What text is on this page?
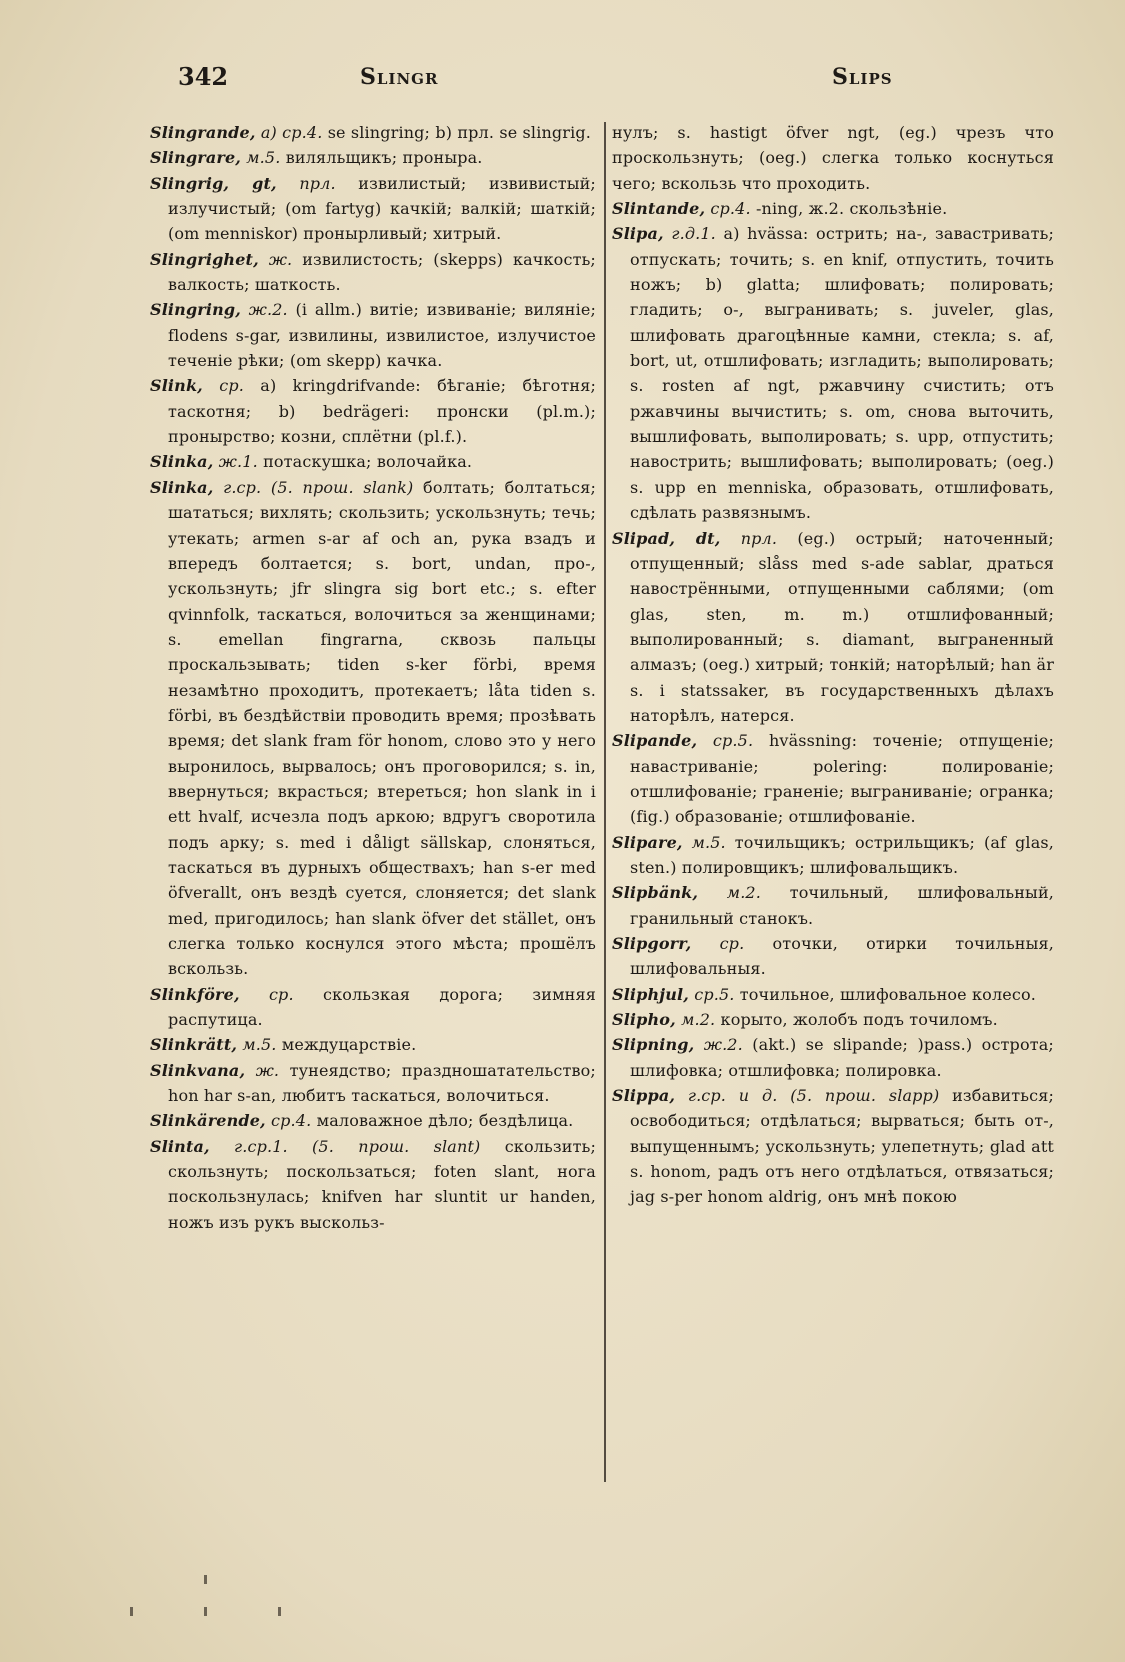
342	Slingr	Slips

Slingrande, a) ср.4. se slingring; b) прл. se slingrig.

Slingrare, м.5. виляльщикъ; проныра.

Slingrig, gt, прл. извилистый; извивистый; излучистый; (om fartyg) качкій; валкій; шаткій; (om menniskor) пронырливый; хитрый.

Slingrighet, ж. извилистость; (skepps) качкость; валкость; шаткость.

Slingring, ж.2. (i allm.) витіе; извиваніе; виляніе; flodens s-gar, извилины, извилистое, излучистое теченіе рѣки; (om skepp) качка.

Slink, ср. a) kringdrifvande: бѣганіе; бѣготня; таскотня; b) bedrägeri: пронски (pl.m.); пронырство; козни, сплётни (pl.f.).

Slinka, ж.1. потаскушка; волочайка.

Slinka, г.ср. (5. прош. slank) болтать; болтаться; шататься; вихлять; скользить; ускользнуть; течь; утекать; armen s-ar af och an, рука взадъ и впередъ болтается; s. bort, undan, про-, ускользнуть; jfr slingra sig bort etc.; s. efter qvinnfolk, таскаться, волочиться за женщинами; s. emellan fingrarna, сквозь пальцы проскальзывать; tiden s-ker förbi, время незамѣтно проходитъ, протекаетъ; låta tiden s. förbi, въ бездѣйствіи проводить время; прозѣвать время; det slank fram för honom, слово это у него выронилось, вырвалось; онъ проговорился; s. in, ввернуться; вкрасться; втереться; hon slank in i ett hvalf, исчезла подъ аркою; вдругъ своротила подъ арку; s. med i dåligt sällskap, слоняться, таскаться въ дурныхъ обществахъ; han s-er med öfverallt, онъ вездѣ суется, слоняется; det slank med, пригодилось; han slank öfver det stället, онъ слегка только коснулся этого мѣста; прошёлъ вскользь.

Slinkföre, ср. скользкая дорога; зимняя распутица.

Slinkrätt, м.5. междуцарствіе.

Slinkvana, ж. тунеядство; праздношатательство; hon har s-an, любитъ таскаться, волочиться.

Slinkärende, ср.4. маловажное дѣло; бездѣлица.

Slinta, г.ср.1. (5. прош. slant) скользить; скользнуть; поскользаться; foten slant, нога поскользнулась; knifven har sluntit ur handen, ножъ изъ рукъ выскольз-

нулъ; s. hastigt öfver ngt, (eg.) чрезъ что проскользнуть; (oeg.) слегка только коснуться чего; вскользь что проходить.

Slintande, ср.4. -ning, ж.2. скользѣніе.

Slipa, г.д.1. a) hvässa: острить; на-, завастривать; отпускать; точить; s. en knif, отпустить, точить ножъ; b) glatta; шлифовать; полировать; гладить; о-, выгранивать; s. juveler, glas, шлифовать драгоцѣнные камни, стекла; s. af, bort, ut, отшлифовать; изгладить; выполировать; s. rosten af ngt, ржавчину счистить; отъ ржавчины вычистить; s. om, снова выточить, вышлифовать, выполировать; s. upp, отпустить; навострить; вышлифовать; выполировать; (oeg.) s. upp en menniska, образовать, отшлифовать, сдѣлать развязнымъ.

Slipad, dt, прл. (eg.) острый; наточенный; отпущенный; slåss med s-ade sablar, драться навострёнными, отпущенными саблями; (om glas, sten, m. m.) отшлифованный; выполированный; s. diamant, выграненный алмазъ; (oeg.) хитрый; тонкій; наторѣлый; han är s. i statssaker, въ государственныхъ дѣлахъ наторѣлъ, натерся.

Slipande, ср.5. hvässning: точеніе; отпущеніе; навастриваніе; polering: полированіе; отшлифованіе; граненіе; выграниваніе; огранка; (fig.) образованіе; отшлифованіе.

Slipare, м.5. точильщикъ; острильщикъ; (af glas, sten.) полировщикъ; шлифовальщикъ.

Slipbänk, м.2. точильный, шлифовальный, гранильный станокъ.

Slipgorr, ср. оточки, отирки точильныя, шлифовальныя.

Sliphjul, ср.5. точильное, шлифовальное колесо.

Slipho, м.2. корыто, жолобъ подъ точиломъ.

Slipning, ж.2. (akt.) se slipande; )pass.) острота; шлифовка; отшлифовка; полировка.

Slippa, г.ср. и д. (5. прош. slapp) избавиться; освободиться; отдѣлаться; вырваться; быть от-, выпущеннымъ; ускользнуть; улепетнуть; glad att s. honom, радъ отъ него отдѣлаться, отвязаться; jag s-per honom aldrig, онъ мнѣ покою
